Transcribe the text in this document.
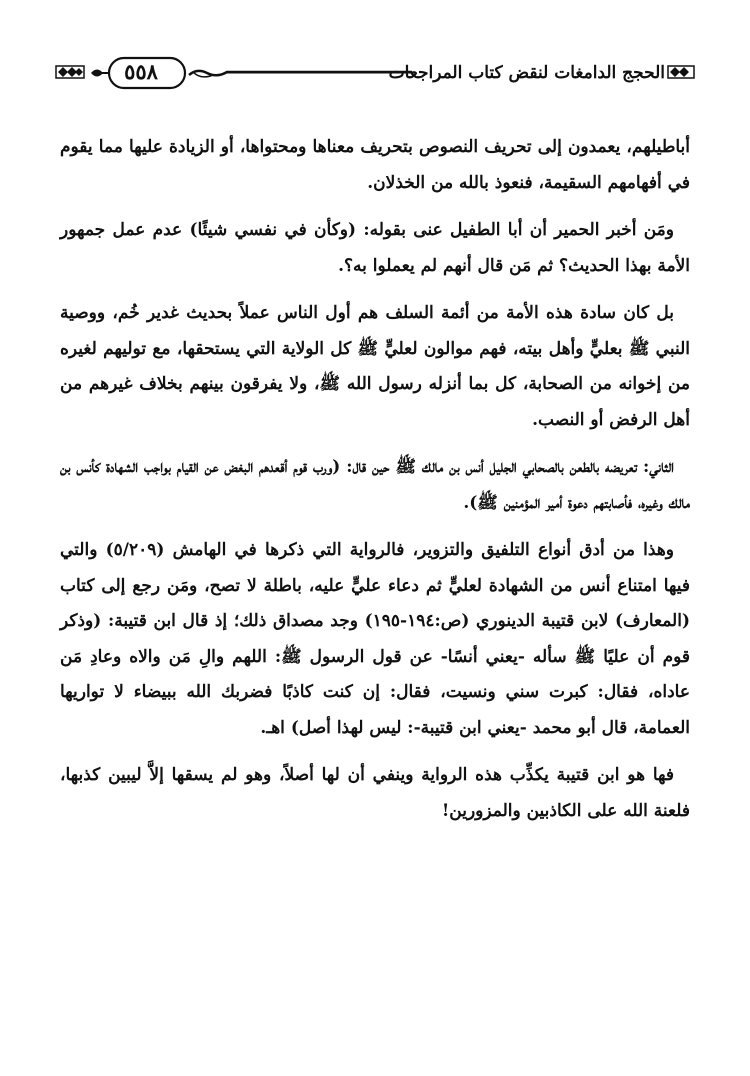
٥٥٨	الحجج الدامغات لنقض كتاب المراجعات

أباطيلهم، يعمدون إلى تحريف النصوص بتحريف معناها ومحتواها، أو الزيادة عليها مما يقوم في أفهامهم السقيمة، فنعوذ بالله من الخذلان.

ومَن أخبر الحمير أن أبا الطفيل عنى بقوله: (وكأن في نفسي شيئًا) عدم عمل جمهور الأمة بهذا الحديث؟ ثم مَن قال أنهم لم يعملوا به؟.

بل كان سادة هذه الأمة من أئمة السلف هم أول الناس عملاً بحديث غدير خُم، ووصية النبي ﷺ بعليٍّ وأهل بيته، فهم موالون لعليٍّ ﷺ كل الولاية التي يستحقها، مع توليهم لغيره من إخوانه من الصحابة، كل بما أنزله رسول الله ﷺ، ولا يفرقون بينهم بخلاف غيرهم من أهل الرفض أو النصب.

الثاني: تعريضه بالطعن بالصحابي الجليل أنس بن مالك ﷺ حين قال: (ورب قوم أقعدهم البغض عن القيام بواجب الشهادة كأنس بن مالك وغيره، فأصابتهم دعوة أمير المؤمنين ﷺ).

وهذا من أدق أنواع التلفيق والتزوير، فالرواية التي ذكرها في الهامش (٥/٢٠٩) والتي فيها امتناع أنس من الشهادة لعليٍّ ثم دعاء عليٍّ عليه، باطلة لا تصح، ومَن رجع إلى كتاب (المعارف) لابن قتيبة الدينوري (ص:١٩٤-١٩٥) وجد مصداق ذلك؛ إذ قال ابن قتيبة: (وذكر قوم أن عليًا ﷺ سأله -يعني أنسًا- عن قول الرسول ﷺ: اللهم والِ مَن والاه وعادِ مَن عاداه، فقال: كبرت سني ونسيت، فقال: إن كنت كاذبًا فضربك الله ببيضاء لا تواريها العمامة، قال أبو محمد -يعني ابن قتيبة-: ليس لهذا أصل) اهـ.

فها هو ابن قتيبة يكذِّب هذه الرواية وينفي أن لها أصلاً، وهو لم يسقها إلاَّ ليبين كذبها، فلعنة الله على الكاذبين والمزورين!
